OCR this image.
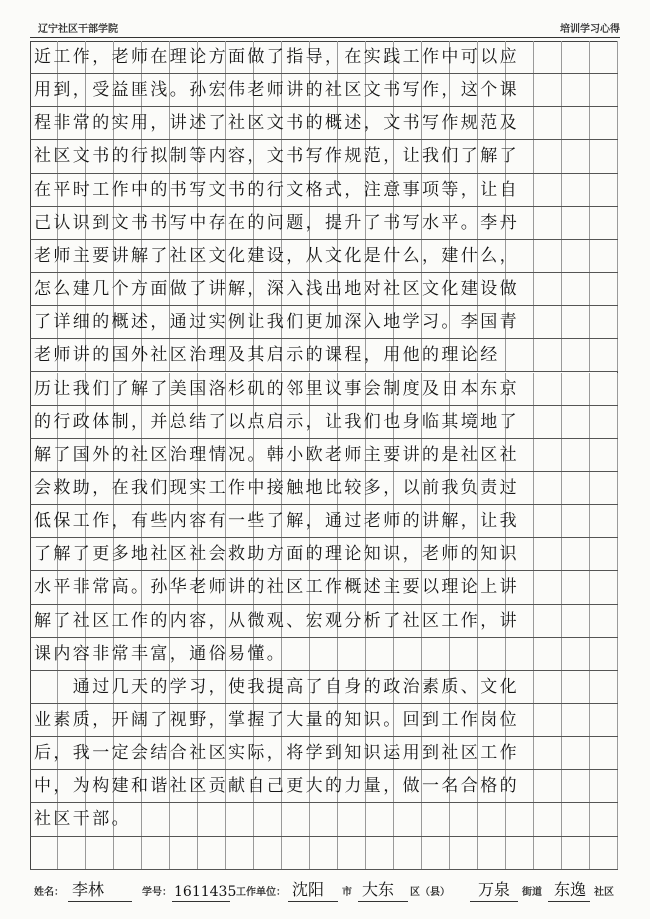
辽宁社区干部学院	培训学习心得
近工作，老师在理论方面做了指导，在实践工作中可以应
用到，受益匪浅。孙宏伟老师讲的社区文书写作，这个课
程非常的实用，讲述了社区文书的概述，文书写作规范及
社区文书的行拟制等内容，文书写作规范，让我们了解了
在平时工作中的书写文书的行文格式，注意事项等，让自
己认识到文书书写中存在的问题，提升了书写水平。李丹
老师主要讲解了社区文化建设，从文化是什么，建什么，
怎么建几个方面做了讲解，深入浅出地对社区文化建设做
了详细的概述，通过实例让我们更加深入地学习。李国青
老师讲的国外社区治理及其启示的课程，用他的理论经
历让我们了解了美国洛杉矶的邻里议事会制度及日本东京
的行政体制，并总结了以点启示，让我们也身临其境地了
解了国外的社区治理情况。韩小欧老师主要讲的是社区社
会救助，在我们现实工作中接触地比较多，以前我负责过
低保工作，有些内容有一些了解，通过老师的讲解，让我
了解了更多地社区社会救助方面的理论知识，老师的知识
水平非常高。孙华老师讲的社区工作概述主要以理论上讲
解了社区工作的内容，从微观、宏观分析了社区工作，讲
课内容非常丰富，通俗易懂。
　　通过几天的学习，使我提高了自身的政治素质、文化
业素质，开阔了视野，掌握了大量的知识。回到工作岗位
后，我一定会结合社区实际，将学到知识运用到社区工作
中，为构建和谐社区贡献自己更大的力量，做一名合格的
社区干部。
姓名： 李林	学号： 1611435 工作单位： 沈阳 市 大东 区（县） 万泉 街道 东逸 社区
